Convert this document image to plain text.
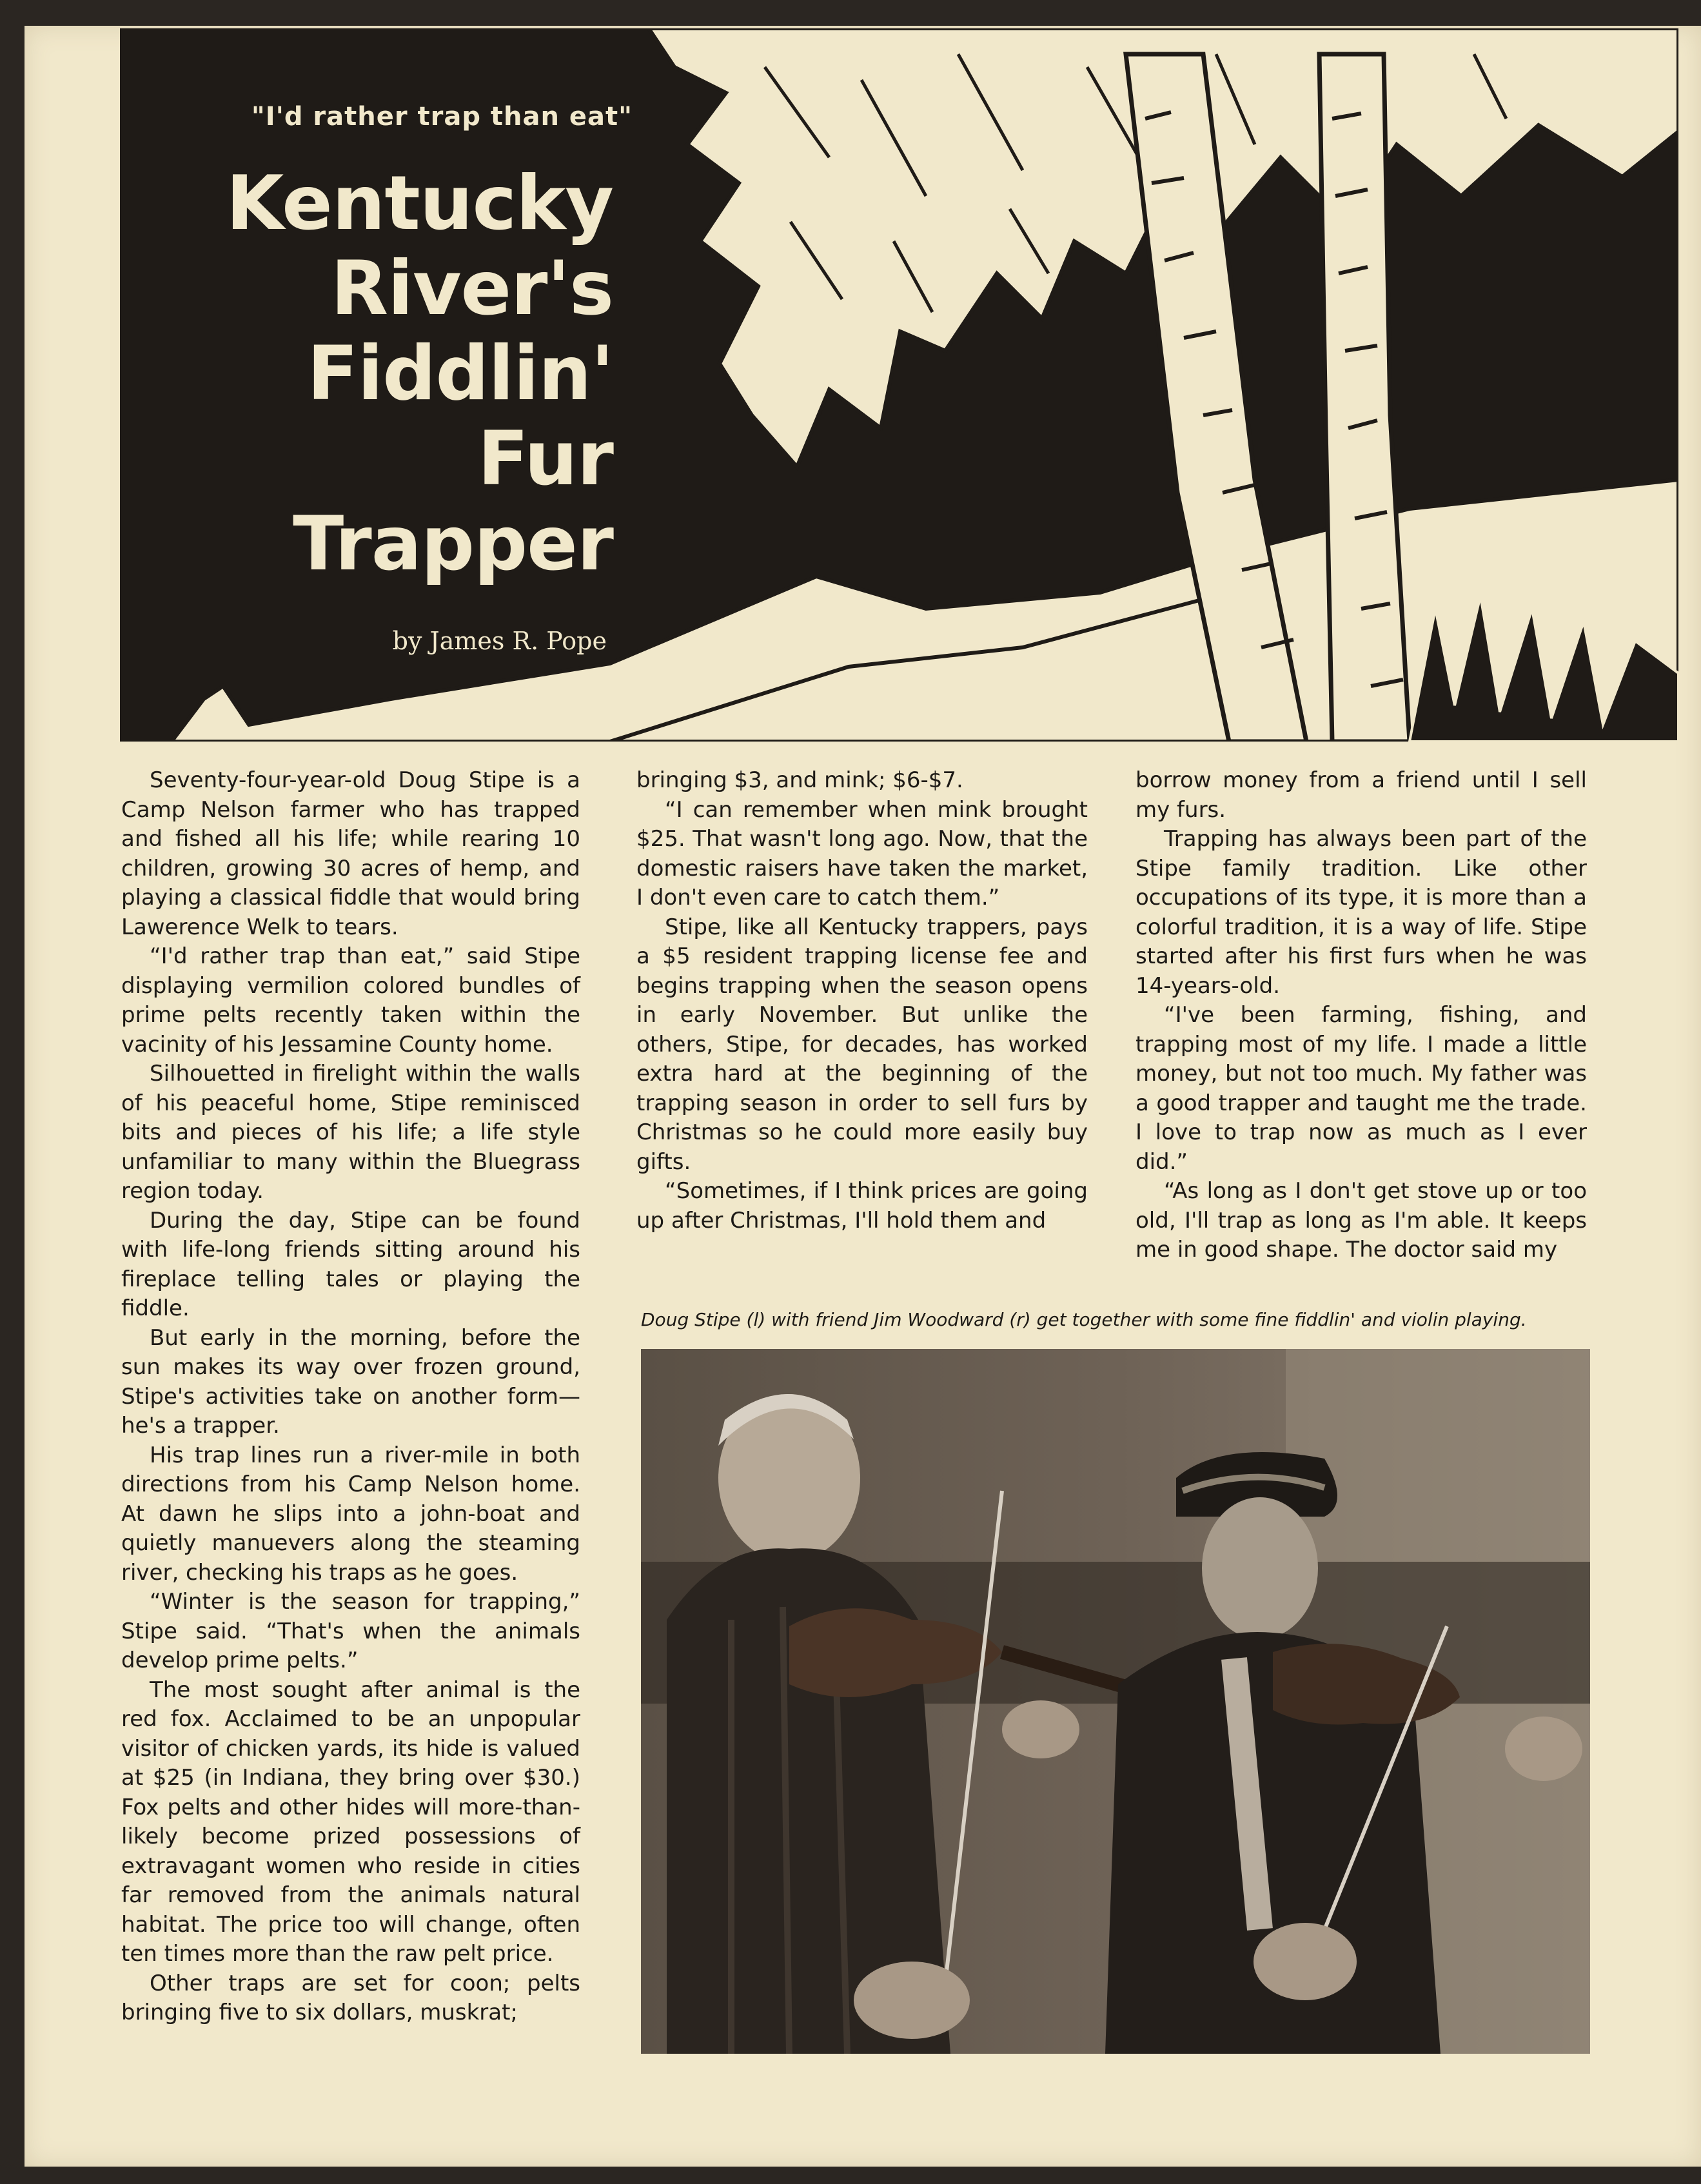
"I'd rather trap than eat"
Kentucky
River's
Fiddlin'
Fur
Trapper
by James R. Pope

Seventy-four-year-old Doug Stipe is a Camp Nelson farmer who has trapped and fished all his life; while rearing 10 children, growing 30 acres of hemp, and playing a classical fiddle that would bring Lawerence Welk to tears.

“I'd rather trap than eat,” said Stipe displaying vermilion colored bundles of prime pelts recently taken within the vacinity of his Jessamine County home.

Silhouetted in firelight within the walls of his peaceful home, Stipe reminisced bits and pieces of his life; a life style unfamiliar to many within the Bluegrass region today.

During the day, Stipe can be found with life-long friends sitting around his fireplace telling tales or playing the fiddle.

But early in the morning, before the sun makes its way over frozen ground, Stipe's activities take on another form—he's a trapper.

His trap lines run a river-mile in both directions from his Camp Nelson home. At dawn he slips into a john-boat and quietly manuevers along the steaming river, checking his traps as he goes.

“Winter is the season for trapping,” Stipe said. “That's when the animals develop prime pelts.”

The most sought after animal is the red fox. Acclaimed to be an unpopular visitor of chicken yards, its hide is valued at $25 (in Indiana, they bring over $30.) Fox pelts and other hides will more-than-likely become prized possessions of extravagant women who reside in cities far removed from the animals natural habitat. The price too will change, often ten times more than the raw pelt price.

Other traps are set for coon; pelts bringing five to six dollars, muskrat;

bringing $3, and mink; $6-$7.

“I can remember when mink brought $25. That wasn't long ago. Now, that the domestic raisers have taken the market, I don't even care to catch them.”

Stipe, like all Kentucky trappers, pays a $5 resident trapping license fee and begins trapping when the season opens in early November. But unlike the others, Stipe, for decades, has worked extra hard at the beginning of the trapping season in order to sell furs by Christmas so he could more easily buy gifts.

“Sometimes, if I think prices are going up after Christmas, I'll hold them and

borrow money from a friend until I sell my furs.

Trapping has always been part of the Stipe family tradition. Like other occupations of its type, it is more than a colorful tradition, it is a way of life. Stipe started after his first furs when he was 14-years-old.

“I've been farming, fishing, and trapping most of my life. I made a little money, but not too much. My father was a good trapper and taught me the trade. I love to trap now as much as I ever did.”

“As long as I don't get stove up or too old, I'll trap as long as I'm able. It keeps me in good shape. The doctor said my

Doug Stipe (l) with friend Jim Woodward (r) get together with some fine fiddlin' and violin playing.
